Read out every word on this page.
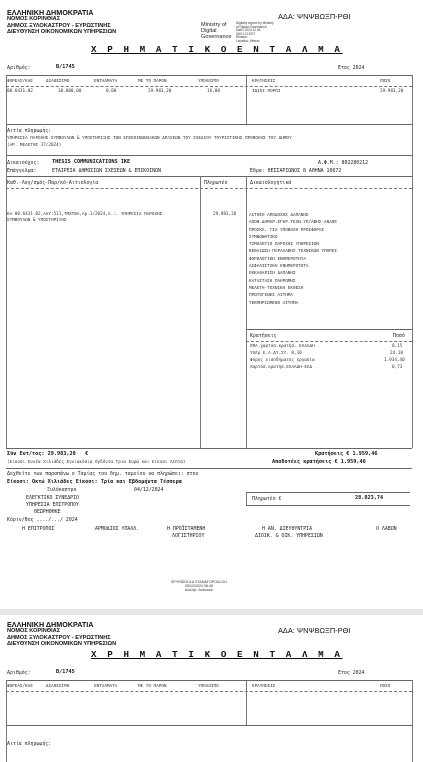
ΕΛΛΗΝΙΚΗ ΔΗΜΟΚΡΑΤΙΑ
ΝΟΜΟΣ ΚΟΡΙΝΘΙΑΣ
ΔΗΜΟΣ ΞΥΛΟΚΑΣΤΡΟΥ - ΕΥΡΩΣΤΙΝΗΣ
ΔΙΕΥΘΥΝΣΗ ΟΙΚΟΝΟΜΙΚΩΝ ΥΠΗΡΕΣΙΩΝ
Ministry of
Digital
Governance
Digitally signed by Ministry
of Digital Governance,
Date: 2024.12.06
08:01:13 EET
Reason:
Location: Athens
ΑΔΑ: ΨΝΨΒΩΞΠ-ΡΘΙ
Χ Ρ Η Μ Α Τ Ι Κ Ο Ε Ν Τ Α Λ Μ Α
Αριθμός:	Β/1745	Ετος 2024
ΦΟΡΕΑΣ/ΚΑΕ	ΔΙΑΘΕΣΙΜΟ	ΕΝΤΑΛΜΑΤΑ	ΜΕ ΤΟ ΠΑΡΟΝ	ΥΠΟΛΟΙΠΟ	ΚΡΑΤΗΣΕΙΣ	ΠΟΣΟ
00.6431.02	30.000,00	0,00	29.983,20	16,80	ΙΔΙΟΙ ΠΟΡΟΙ	29.983,20
Αιτία πληρωμής:
ΥΠΗΡΕΣΙΑ ΠΑΡΟΧΗΣ ΣΥΜΒΟΥΛΩΝ & ΥΠΟΣΤΗΡΙΞΗΣ ΤΩΝ ΕΠΙΚΟΙΝΩΝΙΑΚΩΝ ΔΡΑΣΕΩΝ ΤΟΥ ΣΧΕΔΙΟΥ ΤΟΥΡΙΣΤΙΚΗΣ ΠΡΟΒΟΛΗΣ ΤΟΥ ΔΗΜΟΥ
(ΑΡ. ΜΕΛΕΤΗΣ 37/2024)
Δικαιούχος: THESIS COMMUNICATIONS IKE	Α.Φ.Μ.: 802280212
Επάγγελμα:	ΕΤΑΙΡΕΙΑ ΔΗΜΟΣΙΩΝ ΣΧΕΣΕΩΝ & ΕΠΙΚΟΙΝΩΝ	Έδρα: ΘΕΣΣΑΡΙΩΝΟΣ 8 ΑΘΗΝΑ 10672
Καθ.-Λογ/σμός-Παρ/κό-Αιτιολογία	Πληρωτέο	Δικαιολογητικά
ΚΑ 00.6431.02,ΑΑΥ:511,ΤΜΧΤΒΑ,Αρ.1/2024,Α.:. ΥΠΗΡΕΣΙΑ ΠΑΡΟΧΗΣ
ΣΥΜΒΟΥΛΩΝ & ΥΠΟΣΤΗΡΙΞΗΣ
29.983,20	ΑΙΤΗΣΗ ΑΠΟΔΟΧΗΣ ΔΑΠΑΝΗΣ
ΑΠΟΦ.ΔΗΜΑΡ.ΕΓΚΡ.ΤΕΧΝ.ΥΠ/ΑΦΗΣ-ΑΝΑΘΕ
ΠΡΟΣΚΛ. ΓΙΑ ΥΠΟΒΟΛΗ ΠΡΟΣΦΟΡΑΣ
ΣΥΜΦΩΝΗΤΙΚΟ
ΤΙΜΟΛΟΓΙΟ ΠΑΡΟΧΗΣ ΥΠΗΡΕΣΙΩΝ
ΒΕΒΑΙΩΣΗ ΠΑΡΑΛΑΒΗΣ ΤΕΧΝΙΚΩΝ ΥΠΗΡΕΣ
ΦΟΡΟΛΟΓΙΚΗ ΕΝΗΜΕΡΟΤΗΤΑ
ΑΣΦΑΛΙΣΤΙΚΗ ΕΝΗΜΕΡΟΤΗΤΑ
ΕΚΚΑΘΑΡΙΣΗ ΔΑΠΑΝΗΣ
ΚΑΤΑΣΤΑΣΗ ΠΛΗΡΩΜΗΣ
ΜΕΛΕΤΗ-ΤΕΧΝΙΚΗ ΕΚΘΕΣΗ
ΠΡΩΤΟΓΕΝΕΣ ΑΙΤΗΜΑ
ΤΕΚΜΗΡΙΩΜΕΝΟ ΑΙΤΗΜΑ
Κρατήσεις	Ποσό
ΟΠΑ χαρτοσ.κρατήσ. ΕΛΛΑΔΗ	0,15
Υπέρ Ε.Α.ΔΥ.ΣΥ. 0,10	24,18
Φόρος εισοδήματος εργασία	1.934,40
Χαρτόσ.κρατήσ.ΕΛΛΑΔΗ-ΕΛΔ	0,73
Σύν Εντ/τος: 29.983,20 €	Κρατήσεις € 1.959,46
(Είκοσι Εννέα Χιλιάδες Εννιακόσια Ογδόντα Τρία Ευρώ και Είκοσι Λεπτά)	Αποδοτέες κρατήσεις € 1.959,46
Δεχθείτε των παραπάνω ο Ταμίας του δημ. ταμείου να πληρώσει: στον
Είκοσι: Οκτώ Χιλιάδες Είκοσι: Τρία και Εβδομήντα Τέσσερα
Ξυλόκαστρο	04/12/2024
Πληρωτέο €	28.023,74
ΕΛΕΓΚΤΙΚΟ ΣΥΝΕΔΡΙΟ
ΥΠΗΡΕΣΙΑ ΕΠΙΤΡΟΠΟΥ
ΘΕΩΡΗΘΗΚΕ
Κόριν/θος ..../.../ 2024
Η ΕΠΙΤΡΟΠΟΣ	ΑΡΜΟΔΙΟΣ ΥΠΑΛΛ.	Η ΠΡΟΪΣΤΑΜΕΝΗ
ΛΟΓΙΣΤΗΡΙΟΥ
Η ΑΝ. ΔΙΕΥΘΥΝΤΡΙΑ
ΔΙΟΙΚ. & ΟΙΚ. ΥΠΗΡΕΣΙΩΝ
Ο ΛΑΒΩΝ
SPYRIDOULA STAMATOPOULOU
05/12/2024 08:45
Αναλήτ: Activowe
ΕΛΛΗΝΙΚΗ ΔΗΜΟΚΡΑΤΙΑ
ΝΟΜΟΣ ΚΟΡΙΝΘΙΑΣ
ΔΗΜΟΣ ΞΥΛΟΚΑΣΤΡΟΥ - ΕΥΡΩΣΤΙΝΗΣ
ΔΙΕΥΘΥΝΣΗ ΟΙΚΟΝΟΜΙΚΩΝ ΥΠΗΡΕΣΙΩΝ
ΑΔΑ: ΨΝΨΒΩΞΠ-ΡΘΙ
Χ Ρ Η Μ Α Τ Ι Κ Ο Ε Ν Τ Α Λ Μ Α
Αριθμός:	Β/1745	Ετος 2024
ΦΟΡΕΑΣ/ΚΑΕ	ΔΙΑΘΕΣΙΜΟ	ΕΝΤΑΛΜΑΤΑ	ΜΕ ΤΟ ΠΑΡΟΝ	ΥΠΟΛΟΙΠΟ	ΚΡΑΤΗΣΕΙΣ	ΠΟΣΟ
Αιτία πληρωμής:
